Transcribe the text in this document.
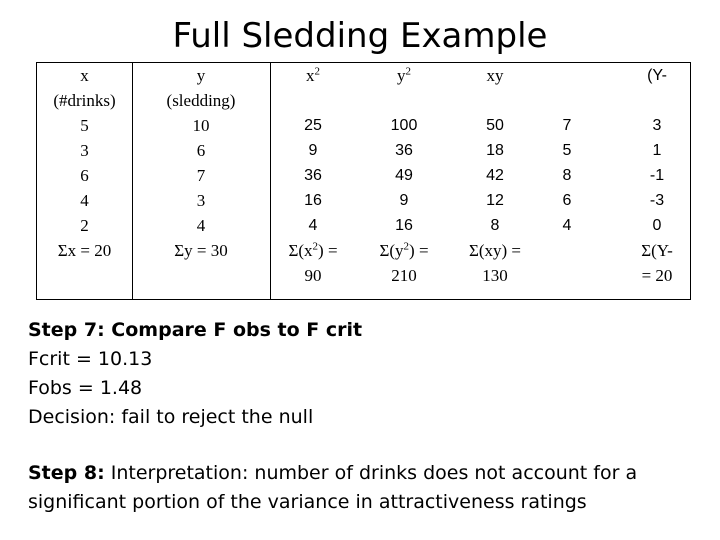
Full Sledding Example
x
(#drinks)
5
3
6
4
2
Σx = 20
y
(sledding)
10
6
7
3
4
Σy = 30
$x^2$

25
9
36
16
4
$\Sigma(x^2)$ =
90
$y^2$

100
36
49
9
16
$\Sigma(y^2)$ =
210
xy

50
18
42
12
8
Σ(xy) =
130

7
5
8
6
4
(Y-

3
1
-1
-3
0
Σ(Y-
= 20
Step 7: Compare F obs to F crit
Fcrit = 10.13
Fobs = 1.48
Decision: fail to reject the null
Step 8: Interpretation: number of drinks does not account for a
significant portion of the variance in attractiveness ratings
